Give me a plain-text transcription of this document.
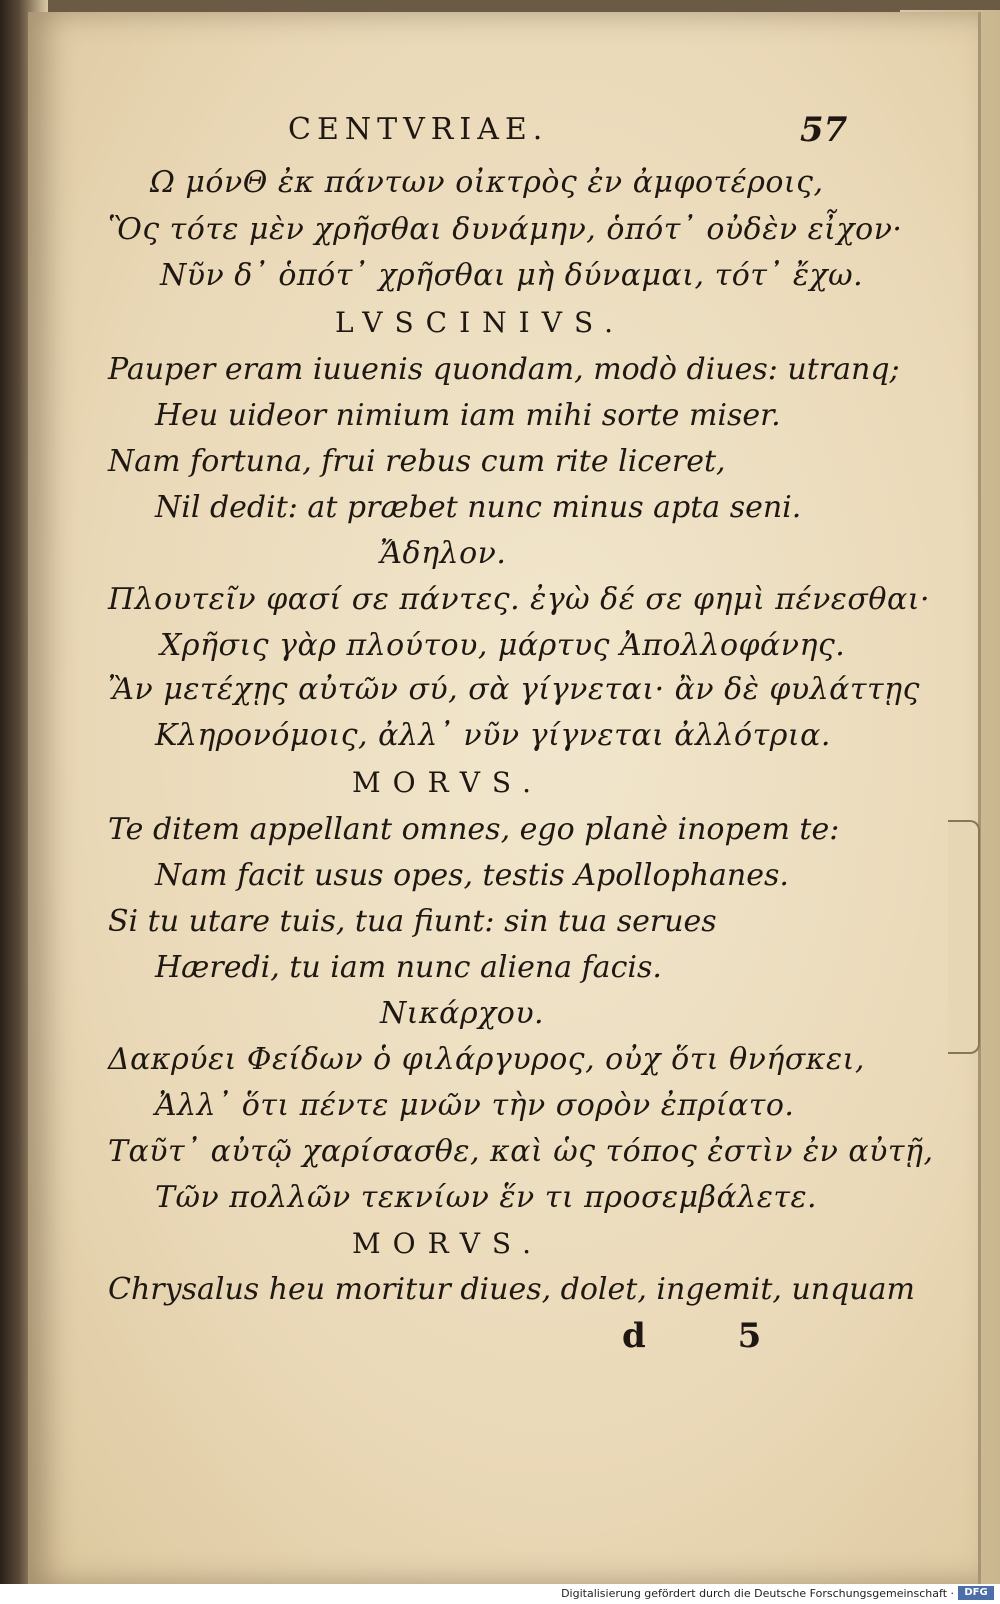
CENTVRIAE.	57
Ω μόνΘ ἐκ πάντων οἰκτρὸς ἐν ἀμφοτέροις,
Ὃς τότε μὲν χρῆσθαι δυνάμην, ὁπότ᾽ οὐδὲν εἶχον·
Νῦν δ᾽ ὁπότ᾽ χρῆσθαι μὴ δύναμαι, τότ᾽ ἔχω.
LVSCINIVS.
Pauper eram iuuenis quondam, modò diues: utranq;
Heu uideor nimium iam mihi sorte miser.
Nam fortuna, frui rebus cum rite liceret,
Nil dedit: at præbet nunc minus apta seni.
Ἄδηλον.
Πλουτεῖν φασί σε πάντες. ἐγὼ δέ σε φημὶ πένεσθαι·
Χρῆσις γὰρ πλούτου, μάρτυς Ἀπολλοφάνης.
Ἂν μετέχῃς αὐτῶν σύ, σὰ γίγνεται· ἂν δὲ φυλάττῃς
Κληρονόμοις, ἀλλ᾽ νῦν γίγνεται ἀλλότρια.
MORVS.
Te ditem appellant omnes, ego planè inopem te:
Nam facit usus opes, testis Apollophanes.
Si tu utare tuis, tua fiunt: sin tua serues
Hæredi, tu iam nunc aliena facis.
Νικάρχου.
Δακρύει Φείδων ὁ φιλάργυρος, οὐχ ὅτι θνήσκει,
Ἀλλ᾽ ὅτι πέντε μνῶν τὴν σορὸν ἐπρίατο.
Ταῦτ᾽ αὐτῷ χαρίσασθε, καὶ ὡς τόπος ἐστὶν ἐν αὐτῇ,
Τῶν πολλῶν τεκνίων ἕν τι προσεμβάλετε.
MORVS.
Chrysalus heu moritur diues, dolet, ingemit, unquam
d 5
Digitalisierung gefördert durch die Deutsche Forschungsgemeinschaft ·	DFG
